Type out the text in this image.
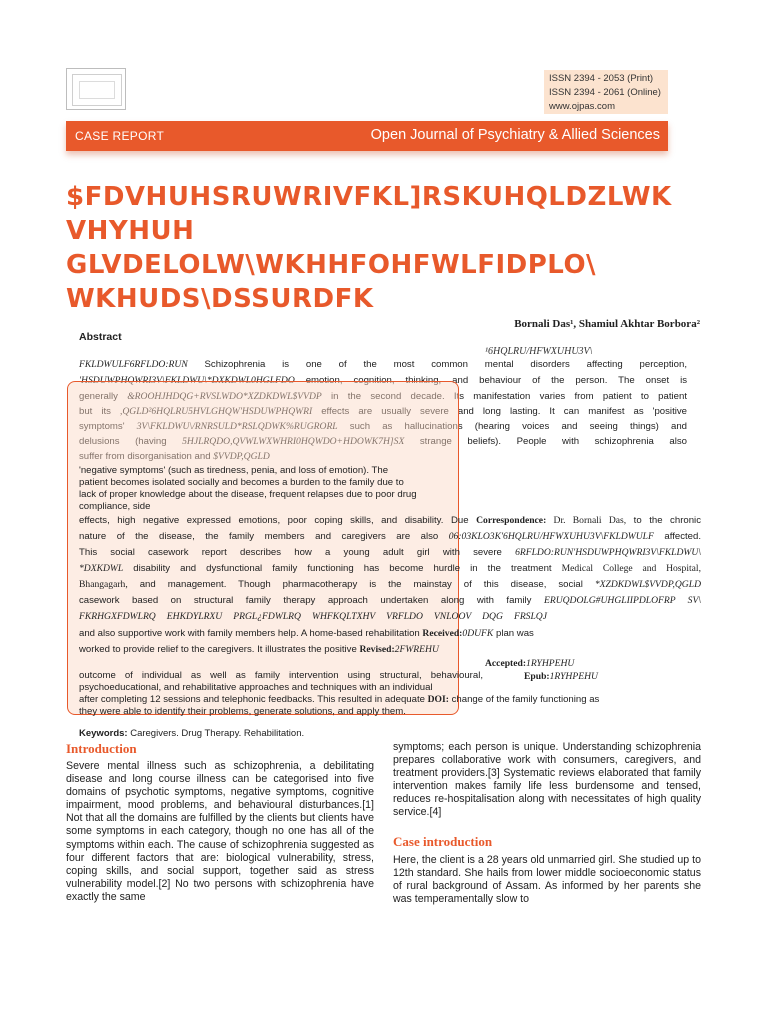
ISSN 2394 - 2053 (Print)
ISSN 2394 - 2061 (Online)
www.ojpas.com
CASE REPORT	Open Journal of Psychiatry & Allied Sciences
$FDVHUHSRUWRIVFKL]RSKUHQLDZLWK
VHYHUH
GLVDELOLW\WKHHFOHFWLFIDPLO\
WKHUDS\DSSURDFK
Bornali Das¹, Shamiul Akhtar Borbora²
Abstract
¹6HQLRU/HFWXUHU3V\
FKLDWULF6RFLDO:RUN Schizophrenia is one of the most common mental disorders affecting perception,
'HSDUWPHQWRI3V\FKLDWU\*DXKDWL0HGLFDO emotion, cognition, thinking, and behaviour of the person. The onset is
generally &ROOHJHDQG+RVSLWDO*XZDKDWL$VVDP in the second decade. Its manifestation varies from patient to patient
but its ,QGLD²6HQLRU5HVLGHQW'HSDUWPHQWRI effects are usually severe and long lasting. It can manifest as 'positive
symptoms' 3V\FKLDWU\/RNRSULD*RSLQDWK%RUGRORL such as hallucinations (hearing voices and seeing things) and
delusions (having 5HJLRQDO,QVWLWXWHRI0HQWDO+HDOWK7H]SX strange beliefs). People with schizophrenia also
suffer from disorganisation and $VVDP,QGLD
'negative symptoms' (such as tiredness, penia, and loss of emotion). The
patient becomes isolated socially and becomes a burden to the family due to
lack of proper knowledge about the disease, frequent relapses due to poor drug
compliance, side
effects, high negative expressed emotions, poor coping skills, and disability. Due Correspondence: Dr. Bornali Das, to the chronic
nature of the disease, the family members and caregivers are also 06:03KLO3K'6HQLRU/HFWXUHU3V\FKLDWULF affected.
This social casework report describes how a young adult girl with severe 6RFLDO:RUN'HSDUWPHQWRI3V\FKLDWU\
*DXKDWL disability and dysfunctional family functioning has become hurdle in the treatment Medical College and Hospital,
Bhangagarh, and management. Though pharmacotherapy is the mainstay of this disease, social *XZDKDWL$VVDP,QGLD
casework based on structural family therapy approach undertaken along with family ERUQDOLG#UHGLIIPDLOFRP SV\
FKRHGXFDWLRQ EHKDYLRXU PRGL¿FDWLRQ WHFKQLTXHV VRFLDO VNLOOV DQG FRSLQJ
and also supportive work with family members help. A home-based rehabilitation Received:0DUFK plan was
worked to provide relief to the caregivers. It illustrates the positive Revised:2FWREHU
Accepted:1RYHPEHU
Epub:1RYHPEHU
outcome of individual as well as family intervention using structural, behavioural,
psychoeducational, and rehabilitative approaches and techniques with an individual
after completing 12 sessions and telephonic feedbacks. This resulted in adequate DOI: change of the family functioning as
they were able to identify their problems, generate solutions, and apply them.
Keywords: Caregivers. Drug Therapy. Rehabilitation.
Introduction
Severe mental illness such as schizophrenia, a debilitating disease and long course illness can be categorised into five domains of psychotic symptoms, negative symptoms, cognitive impairment, mood problems, and behavioural disturbances.[1] Not that all the domains are fulfilled by the clients but clients have some symptoms in each category, though no one has all of the symptoms within each. The cause of schizophrenia suggested as four different factors that are: biological vulnerability, stress, coping skills, and social support, together said as stress vulnerability model.[2] No two persons with schizophrenia have exactly the same
symptoms; each person is unique. Understanding schizophrenia prepares collaborative work with consumers, caregivers, and treatment providers.[3] Systematic reviews elaborated that family intervention makes family life less burdensome and tensed, reduces re-hospitalisation along with necessitates of high quality service.[4]
Case introduction
Here, the client is a 28 years old unmarried girl. She studied up to 12th standard. She hails from lower middle socioeconomic status of rural background of Assam. As informed by her parents she was temperamentally slow to
